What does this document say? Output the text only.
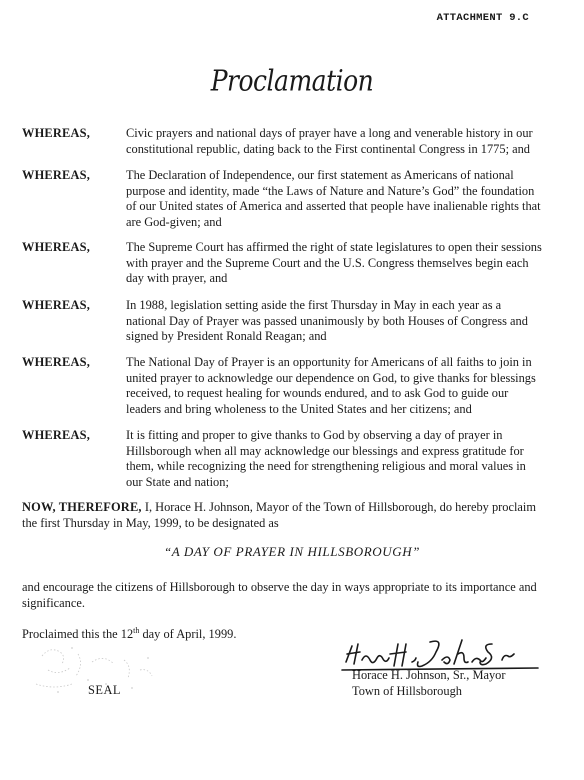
ATTACHMENT 9.C
Proclamation
WHEREAS,	Civic prayers and national days of prayer have a long and venerable history in our constitutional republic, dating back to the First continental Congress in 1775; and
WHEREAS,	The Declaration of Independence, our first statement as Americans of national purpose and identity, made “the Laws of Nature and Nature’s God” the foundation of our United states of America and asserted that people have inalienable rights that are God-given; and
WHEREAS,	The Supreme Court has affirmed the right of state legislatures to open their sessions with prayer and the Supreme Court and the U.S. Congress themselves begin each day with prayer, and
WHEREAS,	In 1988, legislation setting aside the first Thursday in May in each year as a national Day of Prayer was passed unanimously by both Houses of Congress and signed by President Ronald Reagan; and
WHEREAS,	The National Day of Prayer is an opportunity for Americans of all faiths to join in united prayer to acknowledge our dependence on God, to give thanks for blessings received, to request healing for wounds endured, and to ask God to guide our leaders and bring wholeness to the United States and her citizens; and
WHEREAS,	It is fitting and proper to give thanks to God by observing a day of prayer in Hillsborough when all may acknowledge our blessings and express gratitude for them, while recognizing the need for strengthening religious and moral values in our State and nation;
NOW, THEREFORE, I, Horace H. Johnson, Mayor of the Town of Hillsborough, do hereby proclaim the first Thursday in May, 1999, to be designated as
“A DAY OF PRAYER IN HILLSBOROUGH”
and encourage the citizens of Hillsborough to observe the day in ways appropriate to its importance and significance.
Proclaimed this the 12th day of April, 1999.
SEAL
Horace H. Johnson, Sr., Mayor
Town of Hillsborough
